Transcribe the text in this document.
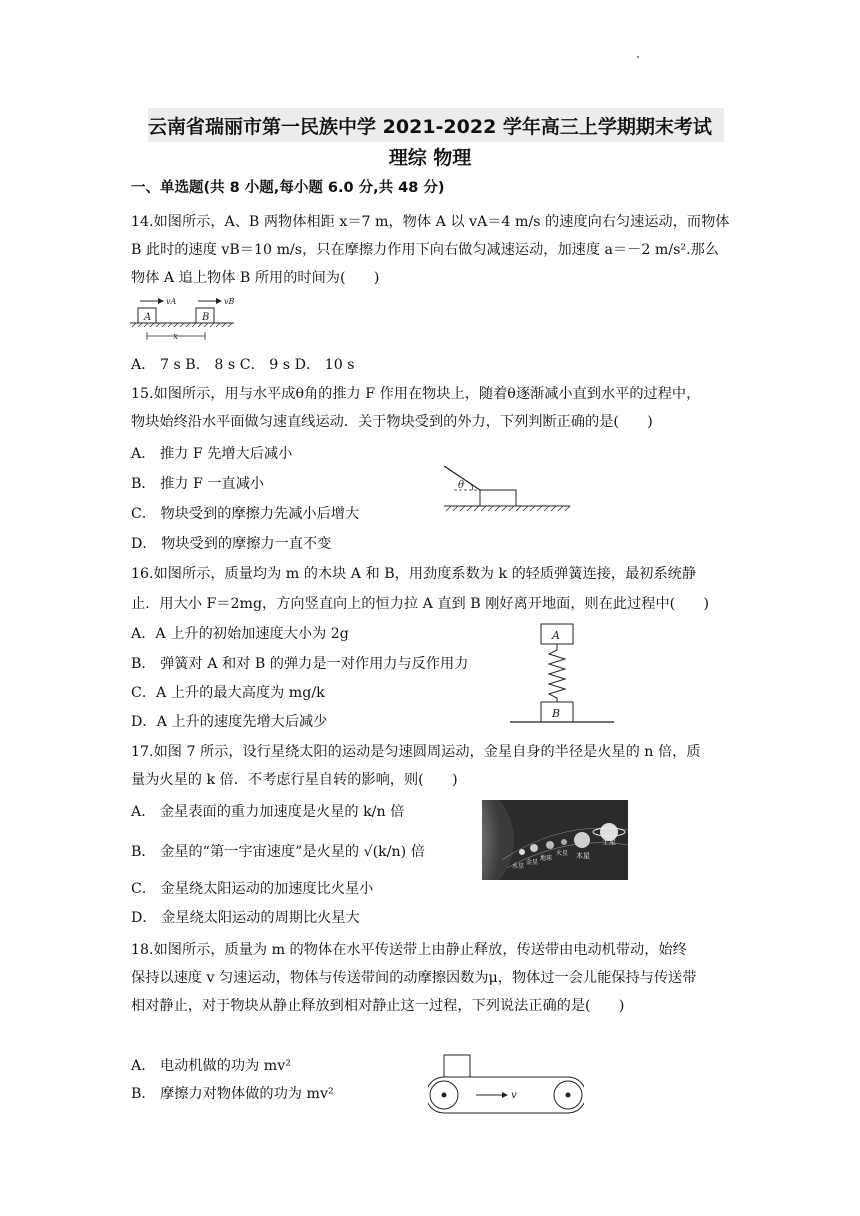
云南省瑞丽市第一民族中学 2021-2022 学年高三上学期期末考试
理综 物理
一、单选题(共 8 小题,每小题 6.0 分,共 48 分)
14.如图所示，A、B 两物体相距 x＝7 m，物体 A 以 vA＝4 m/s 的速度向右匀速运动，而物体
B 此时的速度 vB＝10 m/s，只在摩擦力作用下向右做匀减速运动，加速度 a＝－2 m/s².那么
物体 A 追上物体 B 所用的时间为(　　)
A	B
vA	vB
x
A． 7 s B． 8 s C． 9 s D． 10 s
15.如图所示，用与水平成θ角的推力 F 作用在物块上，随着θ逐渐减小直到水平的过程中，
物块始终沿水平面做匀速直线运动．关于物块受到的外力，下列判断正确的是(　　)
A． 推力 F 先增大后减小
B． 推力 F 一直减小
C． 物块受到的摩擦力先减小后增大
D． 物块受到的摩擦力一直不变
θ
16.如图所示，质量均为 m 的木块 A 和 B，用劲度系数为 k 的轻质弹簧连接，最初系统静
止．用大小 F＝2mg，方向竖直向上的恒力拉 A 直到 B 刚好离开地面，则在此过程中(　　)
A．A 上升的初始加速度大小为 2g
B． 弹簧对 A 和对 B 的弹力是一对作用力与反作用力
C．A 上升的最大高度为 mg/k
D．A 上升的速度先增大后减少
A
B
17.如图 7 所示，设行星绕太阳的运动是匀速圆周运动，金星自身的半径是火星的 n 倍，质
量为火星的 k 倍．不考虑行星自转的影响，则(　　)
A． 金星表面的重力加速度是火星的 k/n 倍
B． 金星的“第一宇宙速度”是火星的 √(k/n) 倍
C． 金星绕太阳运动的加速度比火星小
D． 金星绕太阳运动的周期比火星大
土星
木星
火星
地球
金星
水星
18.如图所示，质量为 m 的物体在水平传送带上由静止释放，传送带由电动机带动，始终
保持以速度 v 匀速运动，物体与传送带间的动摩擦因数为μ，物体过一会儿能保持与传送带
相对静止，对于物块从静止释放到相对静止这一过程，下列说法正确的是(　　)
A． 电动机做的功为 mv²
B． 摩擦力对物体做的功为 mv²	v
